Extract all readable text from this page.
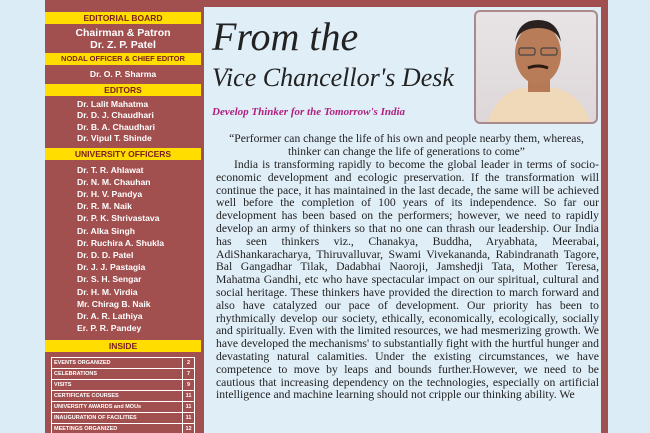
EDITORIAL BOARD
Chairman & Patron
Dr. Z. P. Patel
NODAL OFFICER & CHIEF EDITOR
Dr. O. P. Sharma
EDITORS
Dr. Lalit Mahatma
Dr. D. J. Chaudhari
Dr. B. A. Chaudhari
Dr. Vipul T. Shinde
UNIVERSITY OFFICERS
Dr. T. R. Ahlawat
Dr. N. M. Chauhan
Dr. H. V. Pandya
Dr. R. M. Naik
Dr. P. K. Shrivastava
Dr. Alka Singh
Dr. Ruchira A. Shukla
Dr. D. D. Patel
Dr. J. J. Pastagia
Dr. S. H. Sengar
Dr. H. M. Virdia
Mr. Chirag B. Naik
Dr. A. R. Lathiya
Er. P. R. Pandey
INSIDE
EVENTS ORGANIZED	2
CELEBRATIONS	7
VISITS	9
CERTIFICATE COURSES	11
UNIVERSITY AWARDS and MOUs	11
INAUGURATION OF FACILITIES	11
MEETINGS ORGANIZED	12
From the
Vice Chancellor's Desk
Develop Thinker for the Tomorrow's India
“Performer can change the life of his own and people nearby them, whereas, thinker can change the life of generations to come”
India is transforming rapidly to become the global leader in terms of socio-economic development and ecologic preservation. If the transformation will continue the pace, it has maintained in the last decade, the same will be achieved well before the completion of 100 years of its independence. So far our development has been based on the performers; however, we need to rapidly develop an army of thinkers so that no one can thrash our leadership. Our India has seen thinkers viz., Chanakya, Buddha, Aryabhata, Meerabai, AdiShankaracharya, Thiruvalluvar, Swami Vivekananda, Rabindranath Tagore, Bal Gangadhar Tilak, Dadabhai Naoroji, Jamshedji Tata, Mother Teresa, Mahatma Gandhi, etc who have spectacular impact on our spiritual, cultural and social heritage. These thinkers have provided the direction to march forward and also have catalyzed our pace of development. Our priority has been to rhythmically develop our society, ethically, economically, ecologically, socially and spiritually. Even with the limited resources, we had mesmerizing growth. We have developed the mechanisms' to substantially fight with the hurtful hunger and devastating natural calamities. Under the existing circumstances, we have competence to move by leaps and bounds further.However, we need to be cautious that increasing dependency on the technologies, especially on artificial intelligence and machine learning should not cripple our thinking ability. We
